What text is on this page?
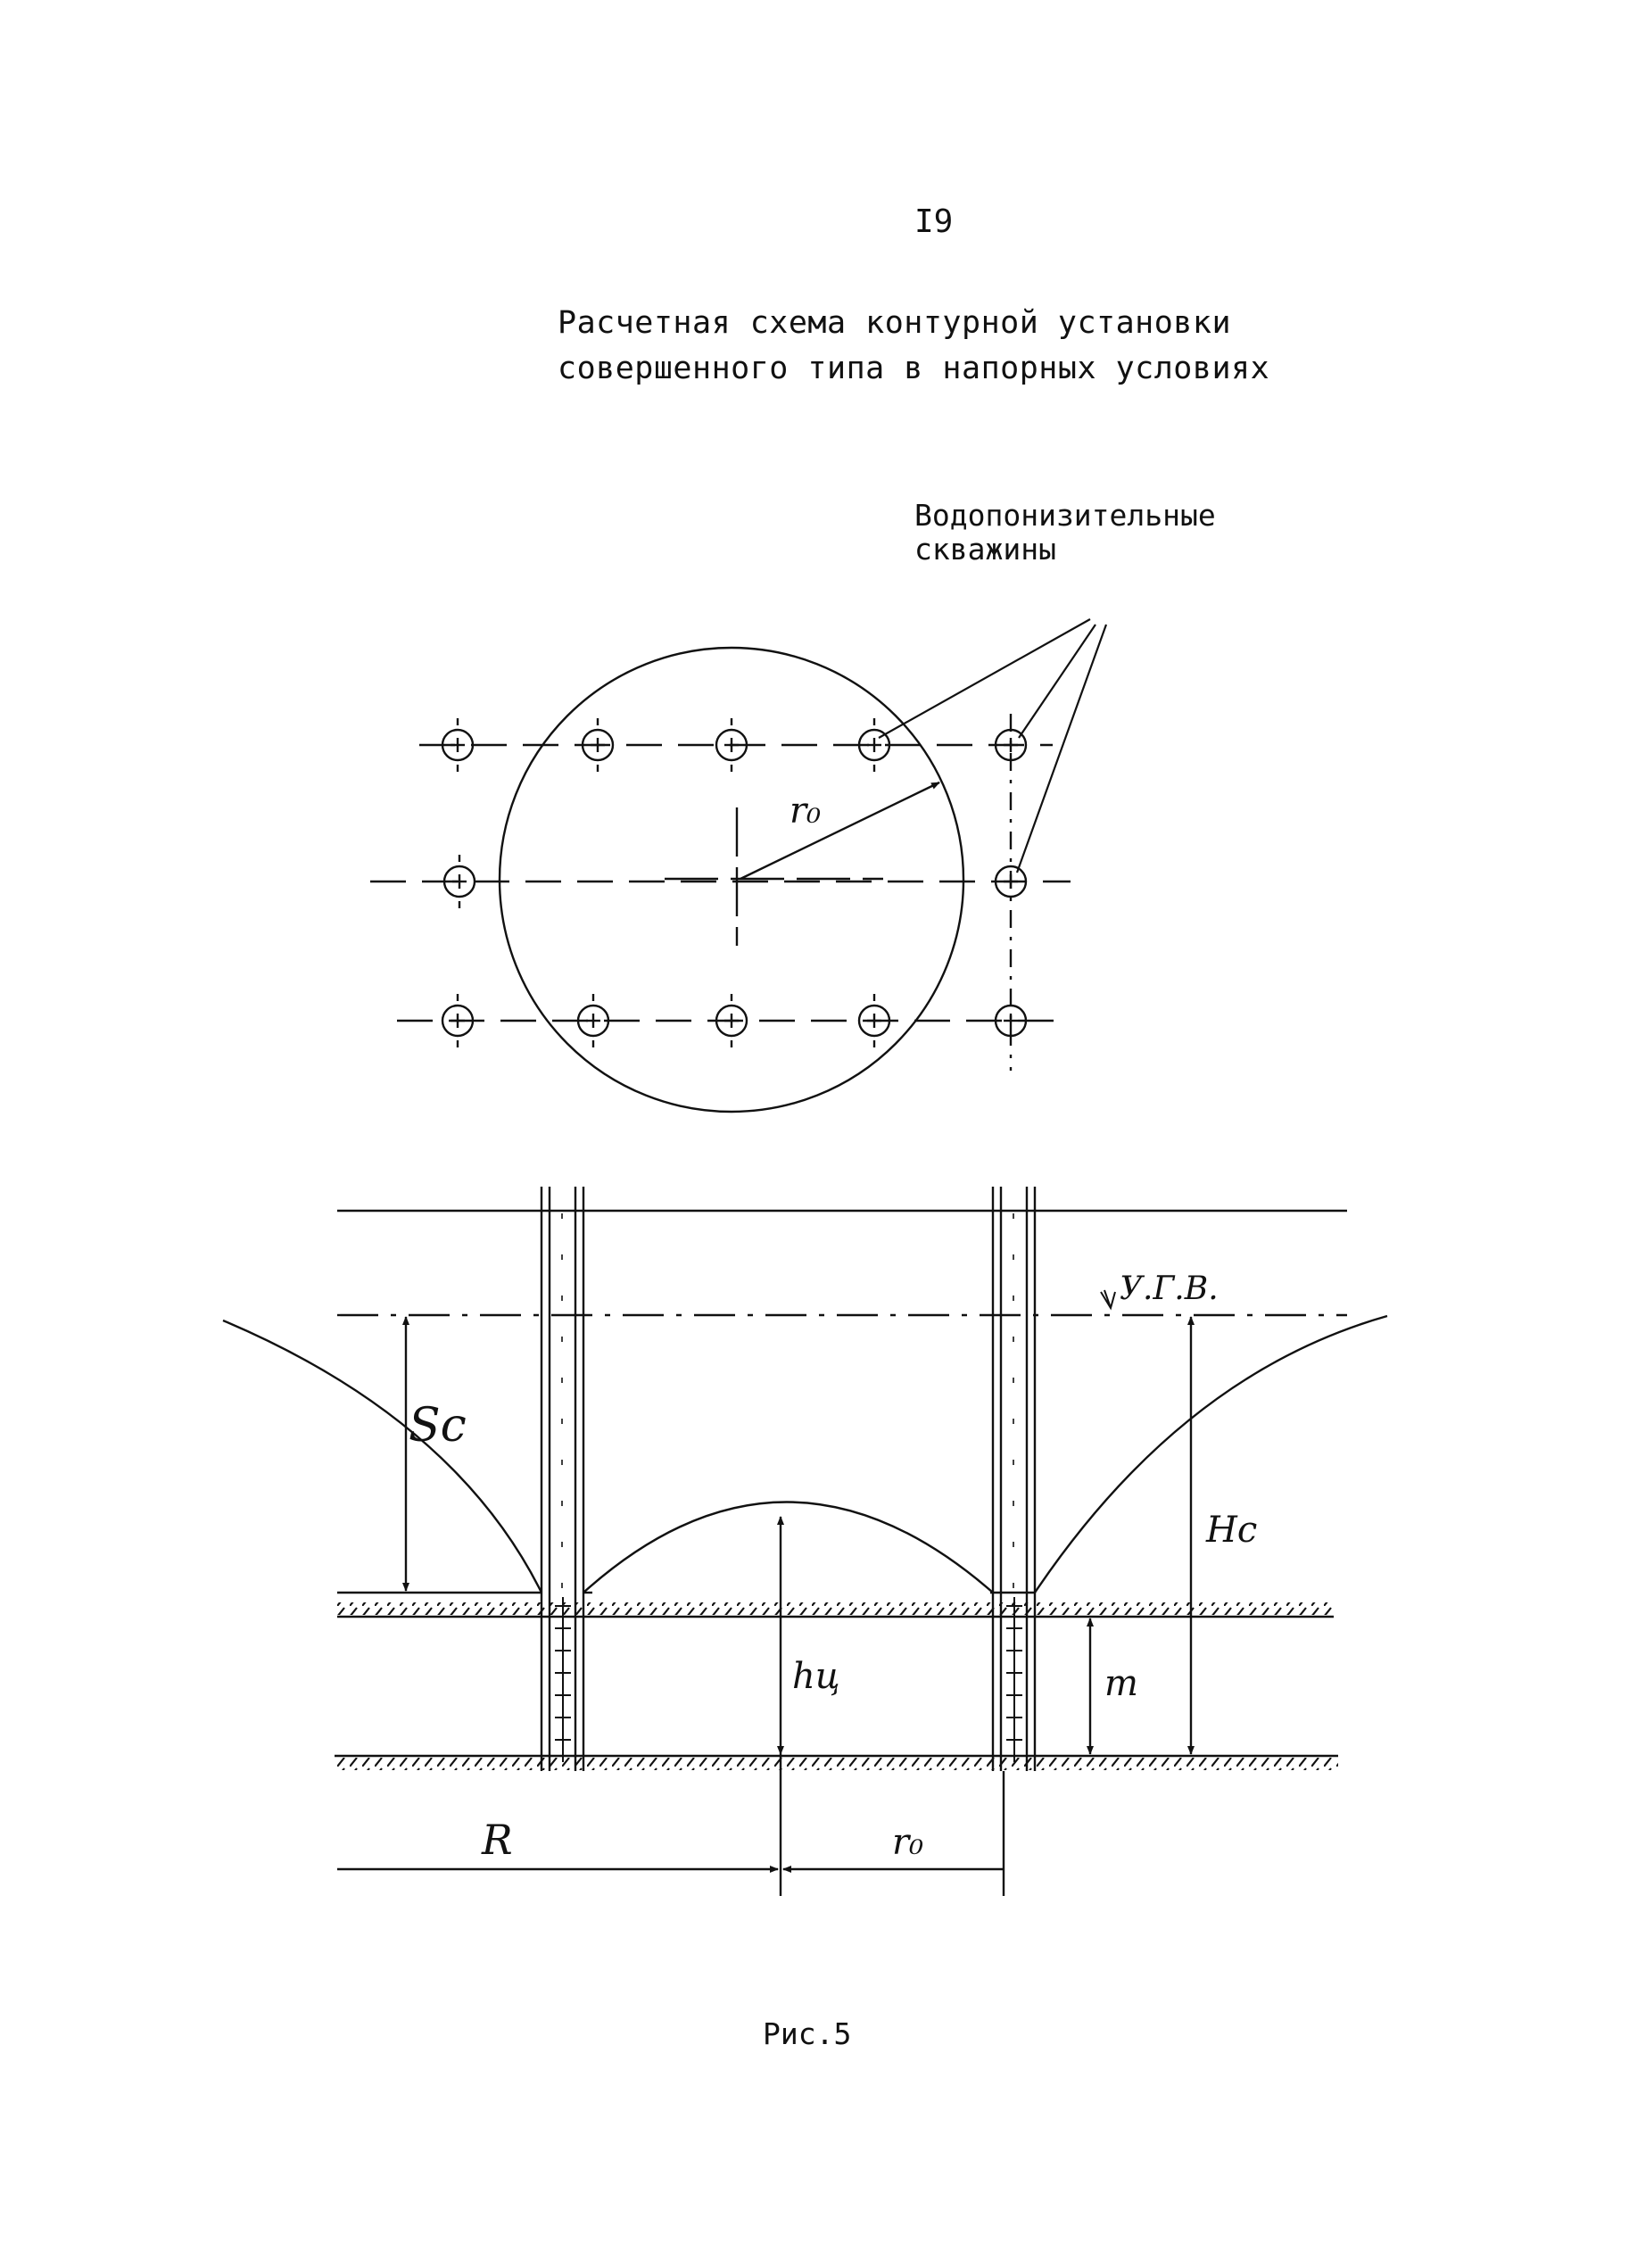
I9
Расчетная схема контурной установки
совершенного типа в напорных условиях
Водопонизительные
скважины
Рис.5
r₀
У.Г.В.
Sc
Hc
hц	m
R	r₀
